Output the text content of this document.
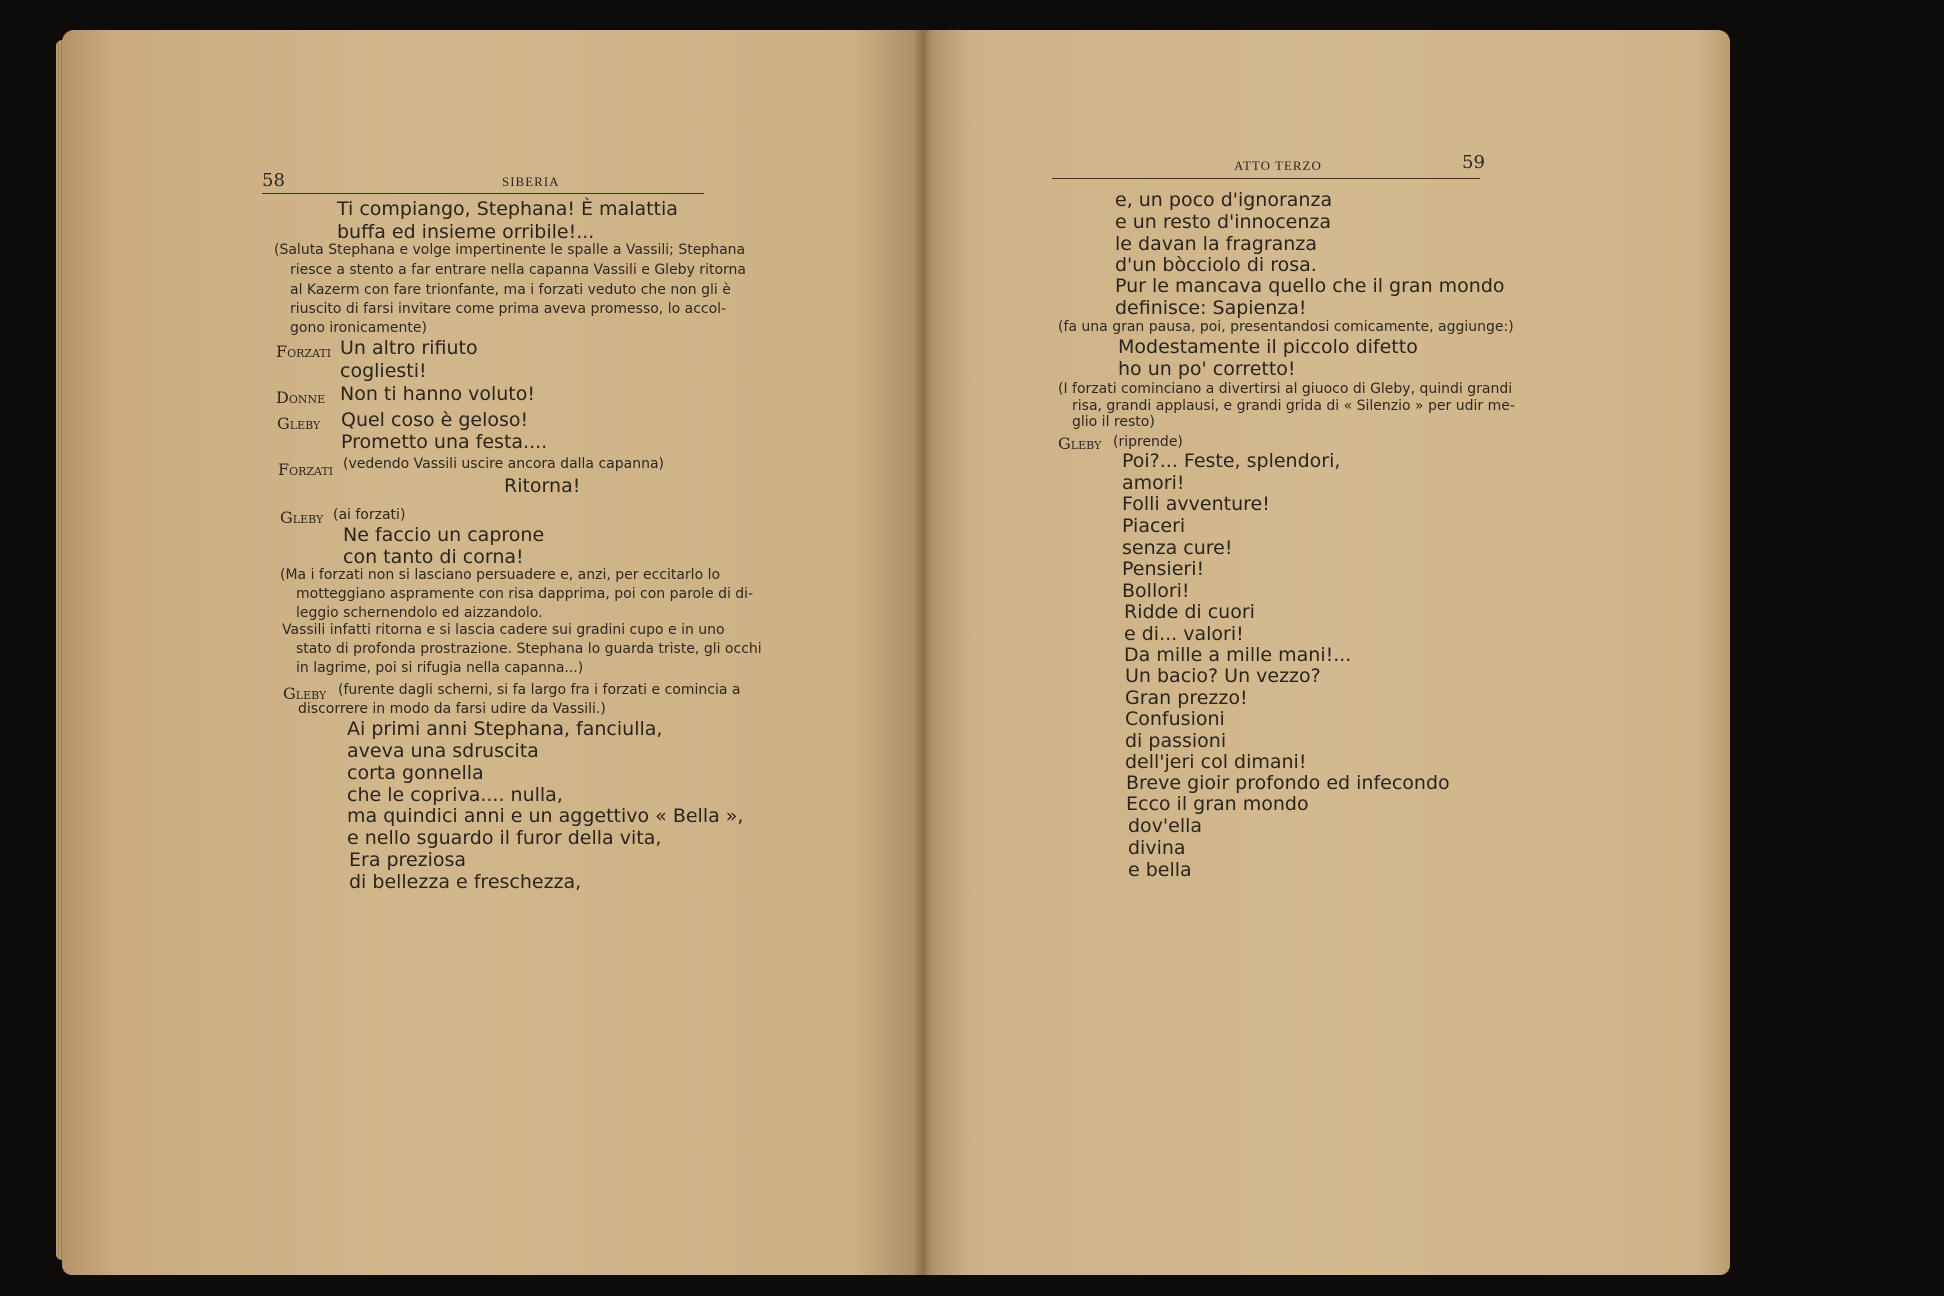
58	SIBERIA
Ti compiango, Stephana! È malattia
buffa ed insieme orribile!...
(Saluta Stephana e volge impertinente le spalle a Vassili; Stephana
riesce a stento a far entrare nella capanna Vassili e Gleby ritorna
al Kazerm con fare trionfante, ma i forzati veduto che non gli è
riuscito di farsi invitare come prima aveva promesso, lo accol-
gono ironicamente)
Forzati Un altro rifiuto
cogliesti!
Donne Non ti hanno voluto!
Gleby Quel coso è geloso!
Prometto una festa....
Forzati (vedendo Vassili uscire ancora dalla capanna)
Ritorna!
Gleby (ai forzati)
Ne faccio un caprone
con tanto di corna!
(Ma i forzati non si lasciano persuadere e, anzi, per eccitarlo lo
motteggiano aspramente con risa dapprima, poi con parole di di-
leggio schernendolo ed aizzandolo.
Vassili infatti ritorna e si lascia cadere sui gradini cupo e in uno
stato di profonda prostrazione. Stephana lo guarda triste, gli occhi
in lagrime, poi si rifugia nella capanna...)
Gleby (furente dagli scherni, si fa largo fra i forzati e comincia a
discorrere in modo da farsi udire da Vassili.)
Ai primi anni Stephana, fanciulla,
aveva una sdruscita
corta gonnella
che le copriva.... nulla,
ma quindici anni e un aggettivo « Bella »,
e nello sguardo il furor della vita,
Era preziosa
di bellezza e freschezza,
ATTO TERZO	59
e, un poco d'ignoranza
e un resto d'innocenza
le davan la fragranza
d'un bòcciolo di rosa.
Pur le mancava quello che il gran mondo
definisce: Sapienza!
(fa una gran pausa, poi, presentandosi comicamente, aggiunge:)
Modestamente il piccolo difetto
ho un po' corretto!
(I forzati cominciano a divertirsi al giuoco di Gleby, quindi grandi
risa, grandi applausi, e grandi grida di « Silenzio » per udir me-
glio il resto)
Gleby (riprende)
Poi?... Feste, splendori,
amori!
Folli avventure!
Piaceri
senza cure!
Pensieri!
Bollori!
Ridde di cuori
e di... valori!
Da mille a mille mani!...
Un bacio? Un vezzo?
Gran prezzo!
Confusioni
di passioni
dell'jeri col dimani!
Breve gioir profondo ed infecondo
Ecco il gran mondo
dov'ella
divina
e bella
